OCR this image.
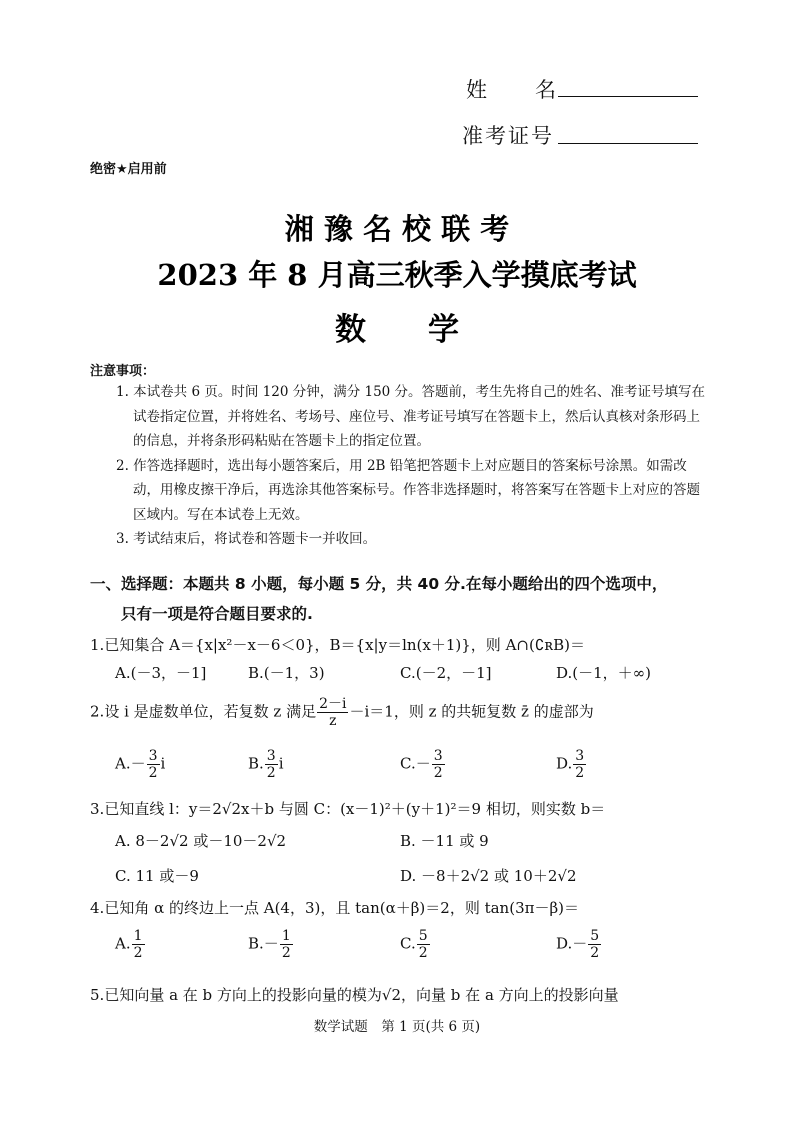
姓　　名
准考证号
绝密★启用前
湘 豫 名 校 联 考
2023 年 8 月高三秋季入学摸底考试
数　　学
注意事项：

1. 本试卷共 6 页。时间 120 分钟，满分 150 分。答题前，考生先将自己的姓名、准考证号填写在试卷指定位置，并将姓名、考场号、座位号、准考证号填写在答题卡上，然后认真核对条形码上的信息，并将条形码粘贴在答题卡上的指定位置。

2. 作答选择题时，选出每小题答案后，用 2B 铅笔把答题卡上对应题目的答案标号涂黑。如需改动，用橡皮擦干净后，再选涂其他答案标号。作答非选择题时，将答案写在答题卡上对应的答题区域内。写在本试卷上无效。

3. 考试结束后，将试卷和答题卡一并收回。

一、选择题：本题共 8 小题，每小题 5 分，共 40 分.在每小题给出的四个选项中，
只有一项是符合题目要求的.
1.已知集合 A＝{x|x²－x－6＜0}，B＝{x|y＝ln(x＋1)}，则 A∩(∁ʀB)＝
A.(－3，－1]	B.(－1，3)	C.(－2，－1]	D.(－1，＋∞)
2.设 i 是虚数单位，若复数 z 满足 $\frac{2-i}{z} -i=1$，则 z 的共轭复数 z̄ 的虚部为
$A.- \frac{3}{2}$ i	B. $\frac{3}{2}$ i	$C.- \frac{3}{2}$	D. $\frac{3}{2}$
3.已知直线 l：y＝2√2x＋b 与圆 C：(x－1)²＋(y＋1)²＝9 相切，则实数 b＝
A. 8－2√2 或－10－2√2	B. －11 或 9
C. 11 或－9	D. －8＋2√2 或 10＋2√2
4.已知角 α 的终边上一点 A(4，3)，且 tan(α＋β)＝2，则 tan(3π－β)＝
A. $\frac{1}{2}$	$B.- \frac{1}{2}$	C. $\frac{5}{2}$	$D.- \frac{5}{2}$
5.已知向量 a 在 b 方向上的投影向量的模为√2，向量 b 在 a 方向上的投影向量
数学试题　第 1 页(共 6 页)
